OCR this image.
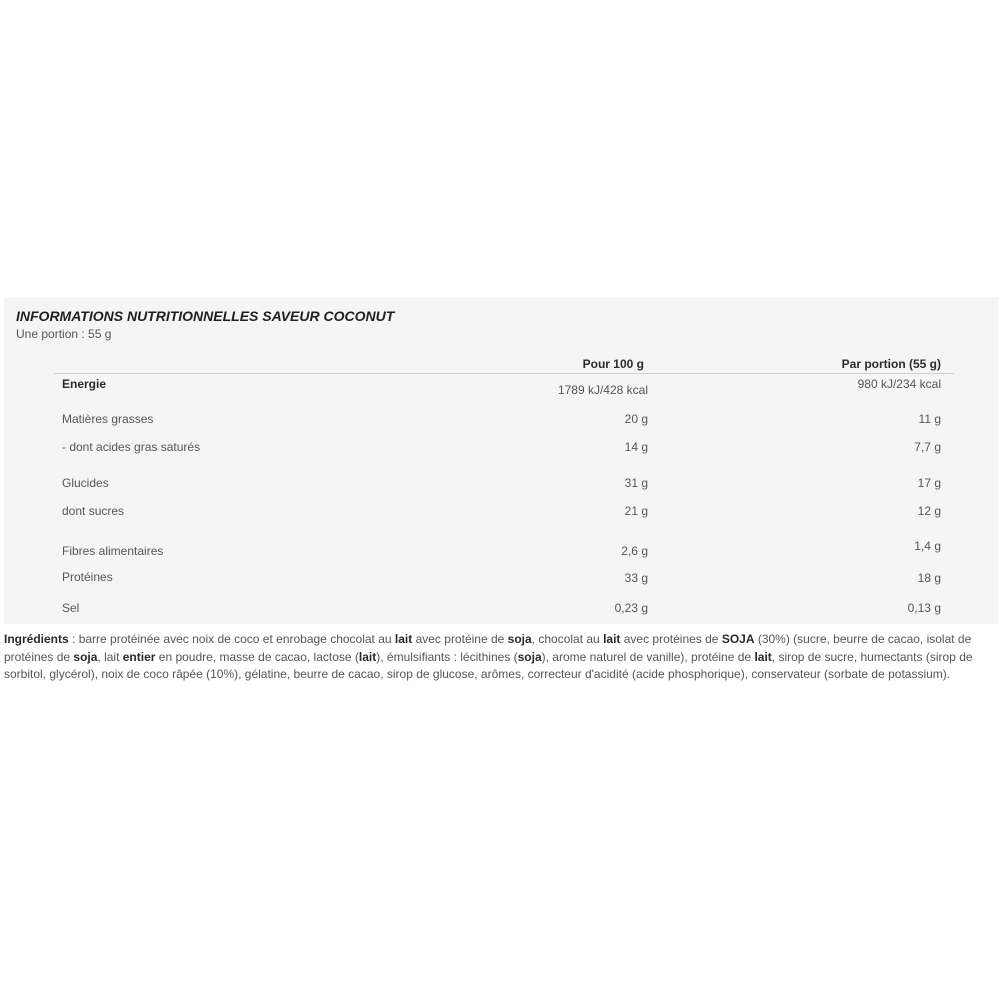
INFORMATIONS NUTRITIONNELLES SAVEUR COCONUT
Une portion : 55 g
Pour 100 g	Par portion (55 g)
Energie	1789 kJ/428 kcal	980 kJ/234 kcal
Matières grasses	20 g	11 g
- dont acides gras saturés	14 g	7,7 g
Glucides	31 g	17 g
dont sucres	21 g	12 g
Fibres alimentaires	2,6 g	1,4 g
Protéines	33 g	18 g
Sel	0,23 g	0,13 g
Ingrédients : barre protéinée avec noix de coco et enrobage chocolat au lait avec protéine de soja, chocolat au lait avec protéines de SOJA (30%) (sucre, beurre de cacao, isolat de protéines de soja, lait entier en poudre, masse de cacao, lactose (lait), émulsifiants : lécithines (soja), arome naturel de vanille), protéine de lait, sirop de sucre, humectants (sirop de sorbitol, glycérol), noix de coco râpée (10%), gélatine, beurre de cacao, sirop de glucose, arômes, correcteur d'acidité (acide phosphorique), conservateur (sorbate de potassium).
